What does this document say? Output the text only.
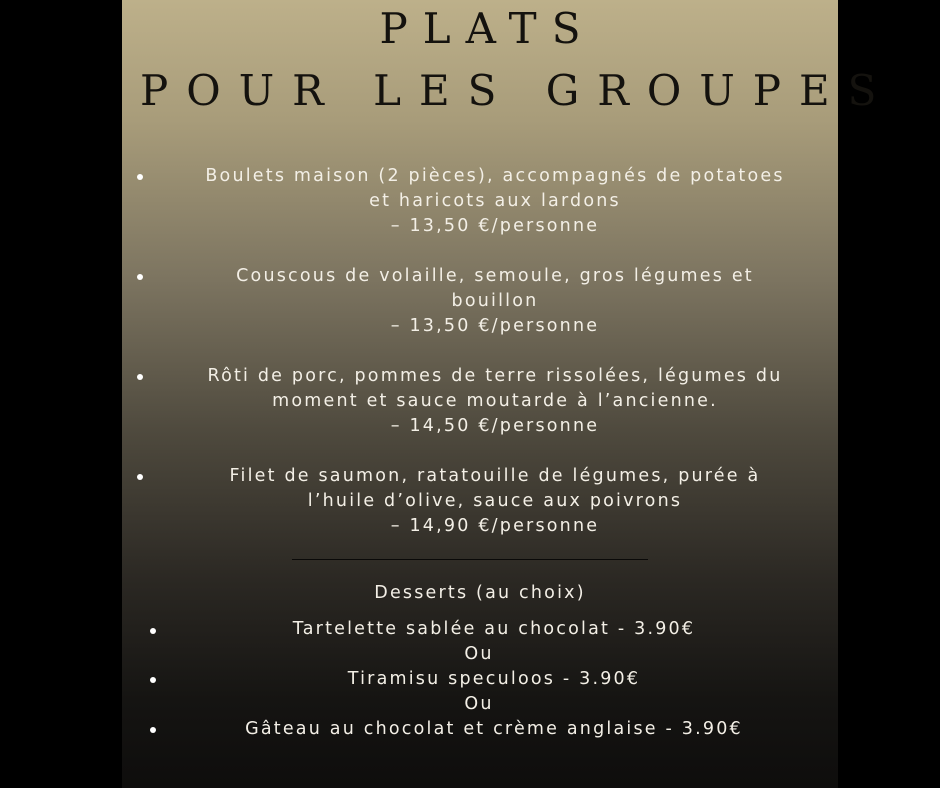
PLATS
POUR LES GROUPES
Boulets maison (2 pièces), accompagnés de potatoes
et haricots aux lardons
– 13,50 €/personne
Couscous de volaille, semoule, gros légumes et
bouillon
– 13,50 €/personne
Rôti de porc, pommes de terre rissolées, légumes du
moment et sauce moutarde à l’ancienne.
– 14,50 €/personne
Filet de saumon, ratatouille de légumes, purée à
l’huile d’olive, sauce aux poivrons
– 14,90 €/personne
Desserts (au choix)
Tartelette sablée au chocolat - 3.90€
Ou
Tiramisu speculoos - 3.90€
Ou
Gâteau au chocolat et crème anglaise - 3.90€
